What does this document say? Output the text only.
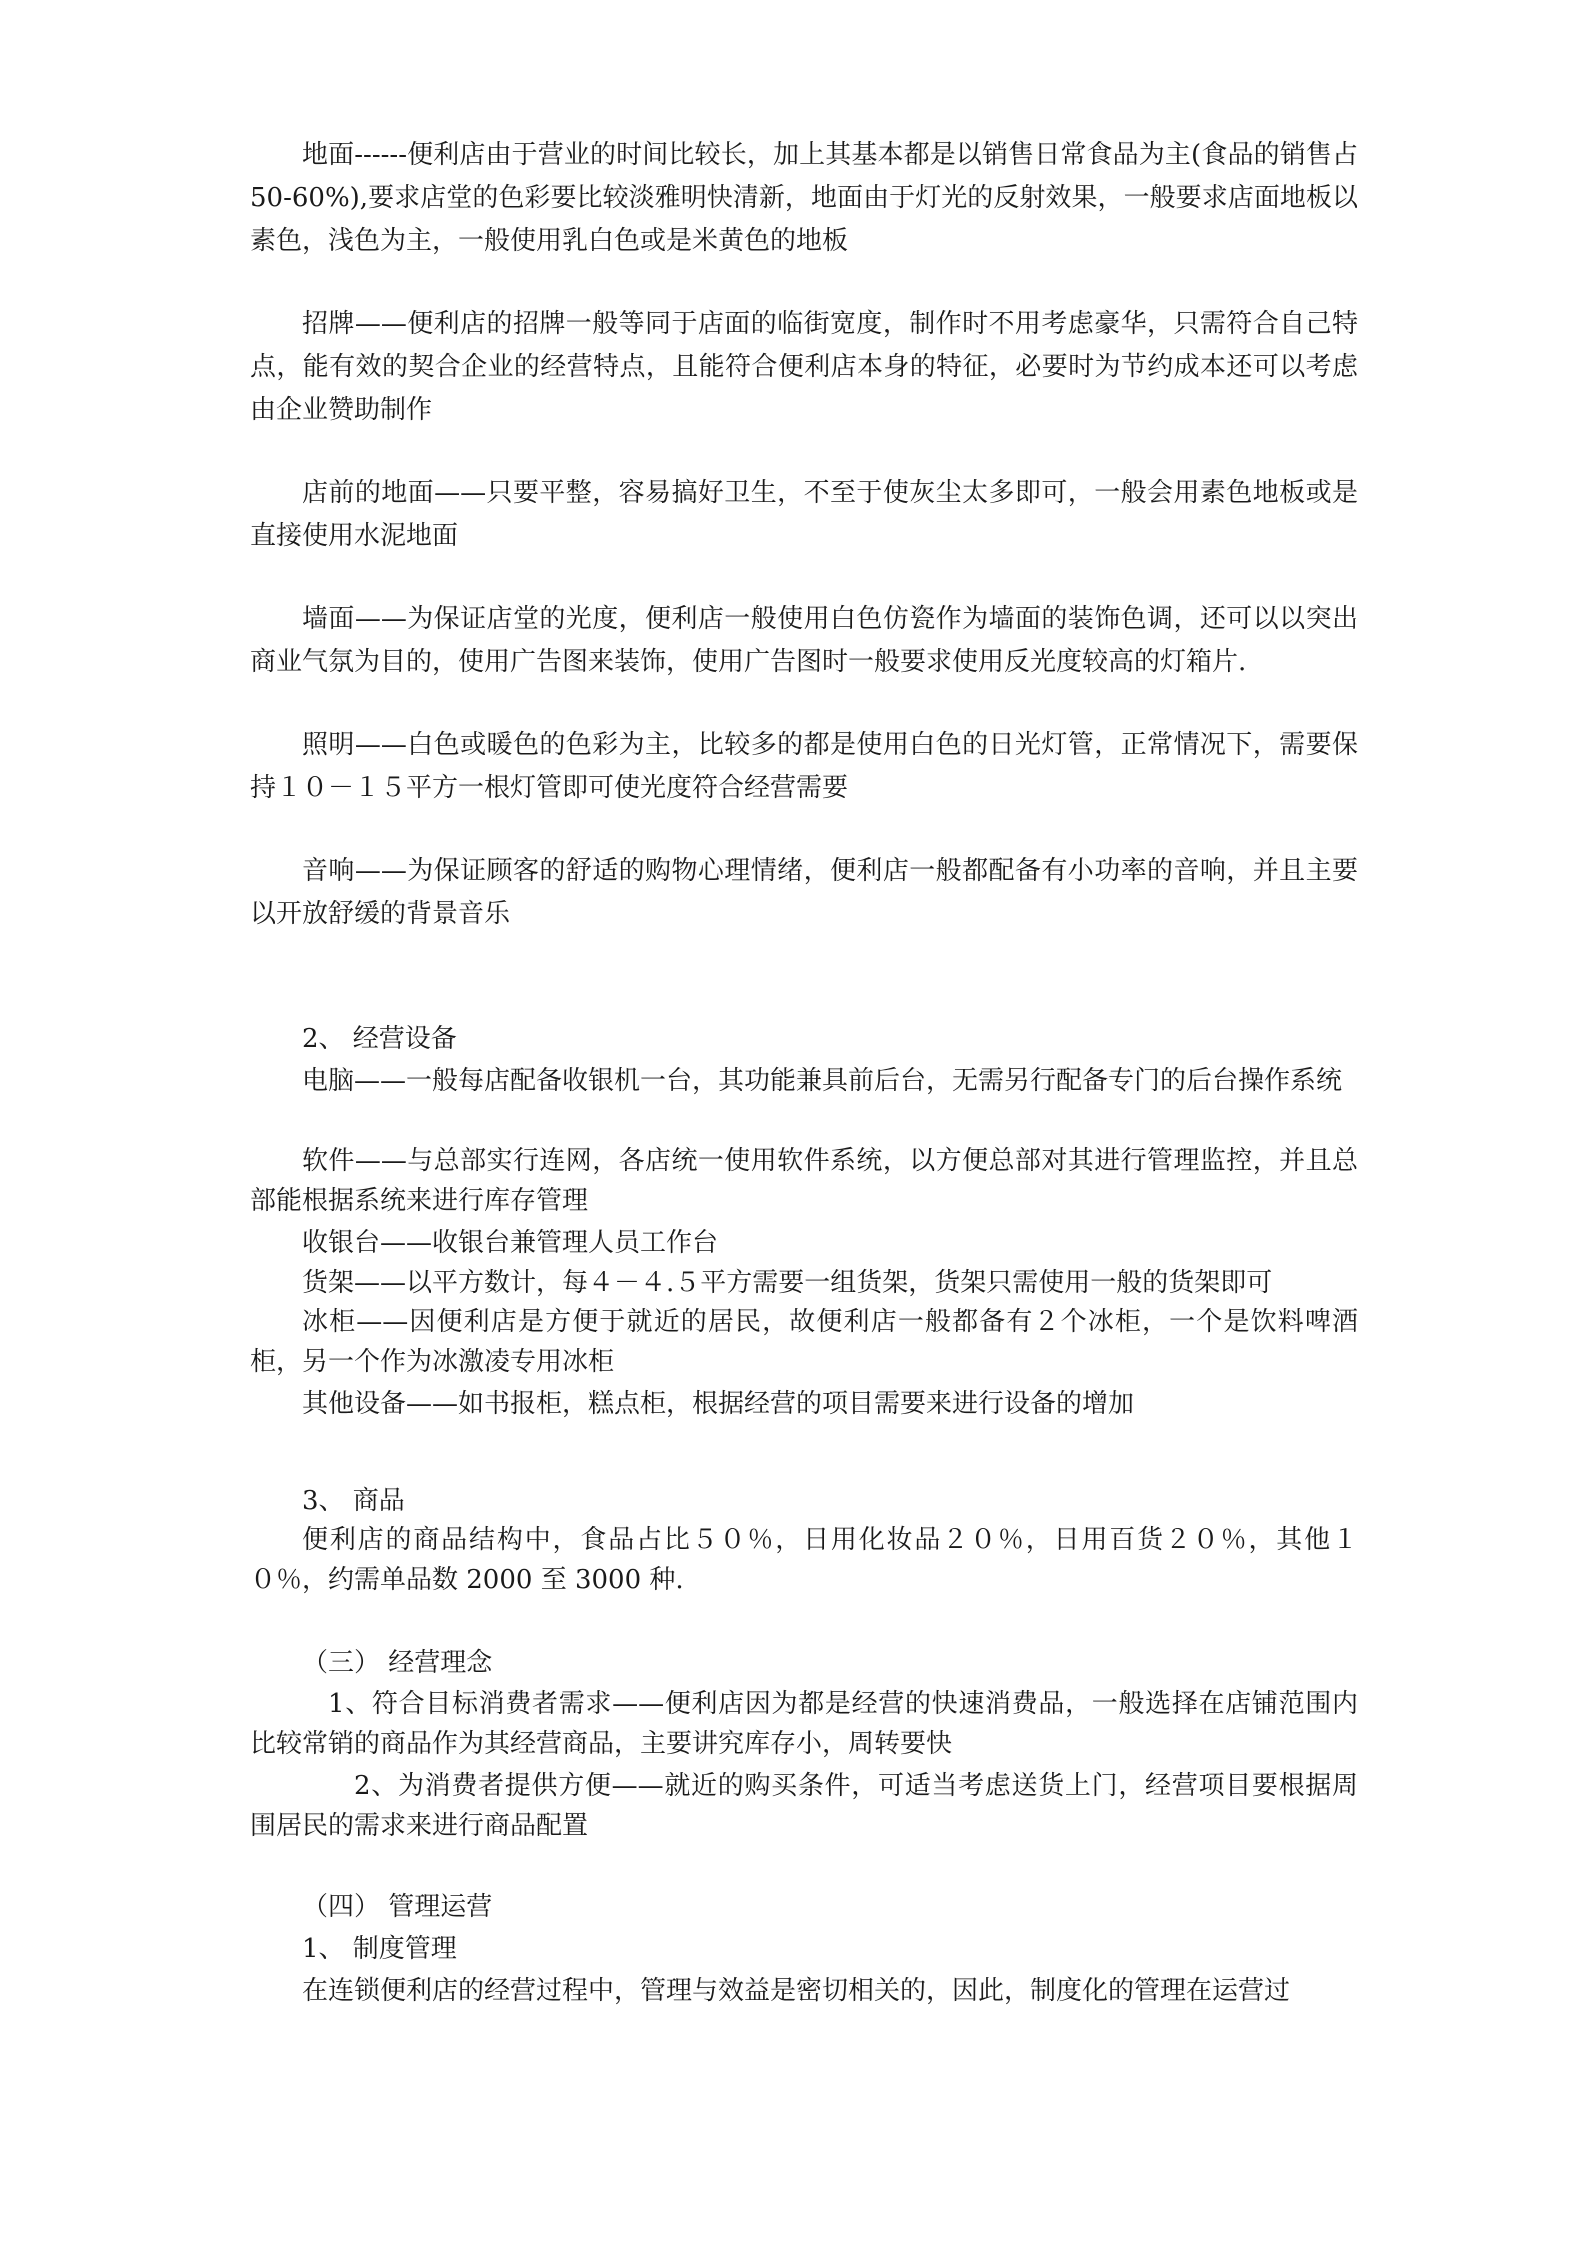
地面------便利店由于营业的时间比较长，加上其基本都是以销售日常食品为主(食品的销售占 50-60%),要求店堂的色彩要比较淡雅明快清新，地面由于灯光的反射效果，一般要求店面地板以素色，浅色为主，一般使用乳白色或是米黄色的地板

招牌——便利店的招牌一般等同于店面的临街宽度，制作时不用考虑豪华，只需符合自己特点，能有效的契合企业的经营特点，且能符合便利店本身的特征，必要时为节约成本还可以考虑由企业赞助制作

店前的地面——只要平整，容易搞好卫生，不至于使灰尘太多即可，一般会用素色地板或是直接使用水泥地面

墙面——为保证店堂的光度，便利店一般使用白色仿瓷作为墙面的装饰色调，还可以以突出商业气氛为目的，使用广告图来装饰，使用广告图时一般要求使用反光度较高的灯箱片.

照明——白色或暖色的色彩为主，比较多的都是使用白色的日光灯管，正常情况下，需要保持１０－１５平方一根灯管即可使光度符合经营需要

音响——为保证顾客的舒适的购物心理情绪，便利店一般都配备有小功率的音响，并且主要以开放舒缓的背景音乐

2、 经营设备

电脑——一般每店配备收银机一台，其功能兼具前后台，无需另行配备专门的后台操作系统

软件——与总部实行连网，各店统一使用软件系统，以方便总部对其进行管理监控，并且总部能根据系统来进行库存管理

收银台——收银台兼管理人员工作台

货架——以平方数计，每４－４.５平方需要一组货架，货架只需使用一般的货架即可

冰柜——因便利店是方便于就近的居民，故便利店一般都备有２个冰柜，一个是饮料啤酒柜，另一个作为冰激凌专用冰柜

其他设备——如书报柜，糕点柜，根据经营的项目需要来进行设备的增加

3、 商品

便利店的商品结构中，食品占比５０％，日用化妆品２０％，日用百货２０％，其他１０％，约需单品数 2000 至 3000 种.

（三） 经营理念

1、符合目标消费者需求——便利店因为都是经营的快速消费品，一般选择在店铺范围内比较常销的商品作为其经营商品，主要讲究库存小，周转要快

2、为消费者提供方便——就近的购买条件，可适当考虑送货上门，经营项目要根据周围居民的需求来进行商品配置

（四） 管理运营

1、 制度管理

在连锁便利店的经营过程中，管理与效益是密切相关的，因此，制度化的管理在运营过
